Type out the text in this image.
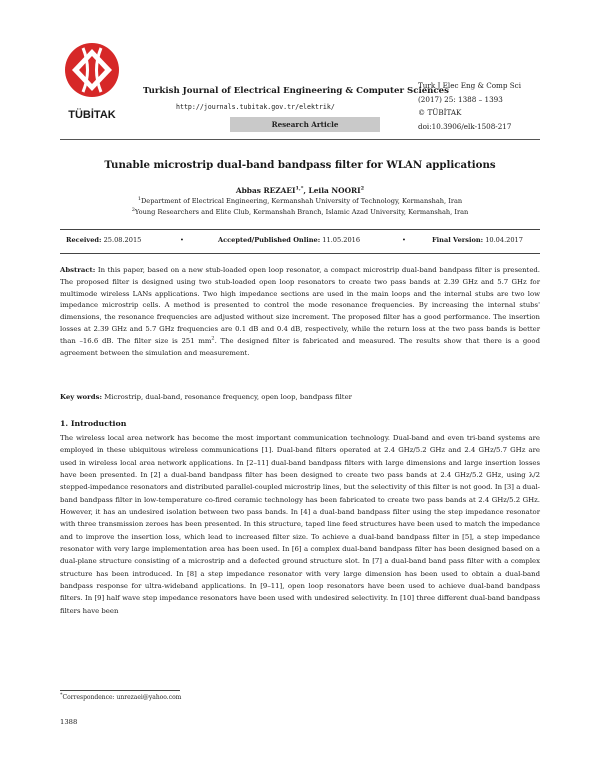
TÜBİTAK
Turkish Journal of Electrical Engineering & Computer Sciences
http://journals.tubitak.gov.tr/elektrik/
Research Article
Turk J Elec Eng & Comp Sci
(2017) 25: 1388 – 1393
© TÜBİTAK
doi:10.3906/elk-1508-217
Tunable microstrip dual-band bandpass filter for WLAN applications
Abbas $REZAEI^{1,*}$, Leila NOORI$^2$
$^1$Department of Electrical Engineering, Kermanshah University of Technology, Kermanshah, Iran
$^2$Young Researchers and Elite Club, Kermanshah Branch, Islamic Azad University, Kermanshah, Iran
Received: 25.08.2015	•	Accepted/Published Online: 11.05.2016	•	Final Version: 10.04.2017
Abstract: In this paper, based on a new stub-loaded open loop resonator, a compact microstrip dual-band bandpass filter is presented. The proposed filter is designed using two stub-loaded open loop resonators to create two pass bands at 2.39 GHz and 5.7 GHz for multimode wireless LANs applications. Two high impedance sections are used in the main loops and the internal stubs are two low impedance microstrip cells. A method is presented to control the mode resonance frequencies. By increasing the internal stubs' dimensions, the resonance frequencies are adjusted without size increment. The proposed filter has a good performance. The insertion losses at 2.39 GHz and 5.7 GHz frequencies are 0.1 dB and 0.4 dB, respectively, while the return loss at the two pass bands is better than –16.6 dB. The filter size is 251 $mm^2$. The designed filter is fabricated and measured. The results show that there is a good agreement between the simulation and measurement.
Key words: Microstrip, dual-band, resonance frequency, open loop, bandpass filter
1. Introduction
The wireless local area network has become the most important communication technology. Dual-band and even tri-band systems are employed in these ubiquitous wireless communications [1]. Dual-band filters operated at 2.4 GHz/5.2 GHz and 2.4 GHz/5.7 GHz are used in wireless local area network applications. In [2–11] dual-band bandpass filters with large dimensions and large insertion losses have been presented. In [2] a dual-band bandpass filter has been designed to create two pass bands at 2.4 GHz/5.2 GHz, using λ/2 stepped-impedance resonators and distributed parallel-coupled microstrip lines, but the selectivity of this filter is not good. In [3] a dual-band bandpass filter in low-temperature co-fired ceramic technology has been fabricated to create two pass bands at 2.4 GHz/5.2 GHz. However, it has an undesired isolation between two pass bands. In [4] a dual-band bandpass filter using the step impedance resonator with three transmission zeroes has been presented. In this structure, taped line feed structures have been used to match the impedance and to improve the insertion loss, which lead to increased filter size. To achieve a dual-band bandpass filter in [5], a step impedance resonator with very large implementation area has been used. In [6] a complex dual-band bandpass filter has been designed based on a dual-plane structure consisting of a microstrip and a defected ground structure slot. In [7] a dual-band band pass filter with a complex structure has been introduced. In [8] a step impedance resonator with very large dimension has been used to obtain a dual-band bandpass response for ultra-wideband applications. In [9–11], open loop resonators have been used to achieve dual-band bandpass filters. In [9] half wave step impedance resonators have been used with undesired selectivity. In [10] three different dual-band bandpass filters have been
*Correspondence: unrezaei@yahoo.com
1388
